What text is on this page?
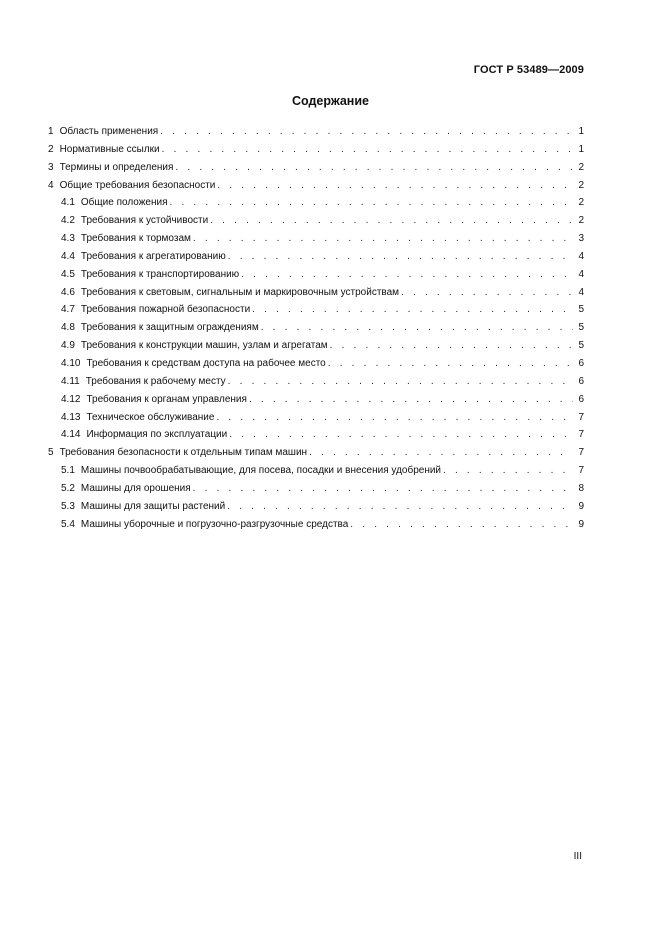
ГОСТ Р 53489—2009
Содержание
1 Область применения . . .	1
2 Нормативные ссылки . . .	1
3 Термины и определения . . .	2
4 Общие требования безопасности . . .	2
4.1 Общие положения . . .	2
4.2 Требования к устойчивости . . .	2
4.3 Требования к тормозам . . .	3
4.4 Требования к агрегатированию . . .	4
4.5 Требования к транспортированию . . .	4
4.6 Требования к световым, сигнальным и маркировочным устройствам . . .	4
4.7 Требования пожарной безопасности . . .	5
4.8 Требования к защитным ограждениям . . .	5
4.9 Требования к конструкции машин, узлам и агрегатам . . .	5
4.10 Требования к средствам доступа на рабочее место . . .	6
4.11 Требования к рабочему месту . . .	6
4.12 Требования к органам управления . . .	6
4.13 Техническое обслуживание . . .	7
4.14 Информация по эксплуатации . . .	7
5 Требования безопасности к отдельным типам машин . . .	7
5.1 Машины почвообрабатывающие, для посева, посадки и внесения удобрений . . .	7
5.2 Машины для орошения . . .	8
5.3 Машины для защиты растений . . .	9
5.4 Машины уборочные и погрузочно-разгрузочные средства . . .	9
III
